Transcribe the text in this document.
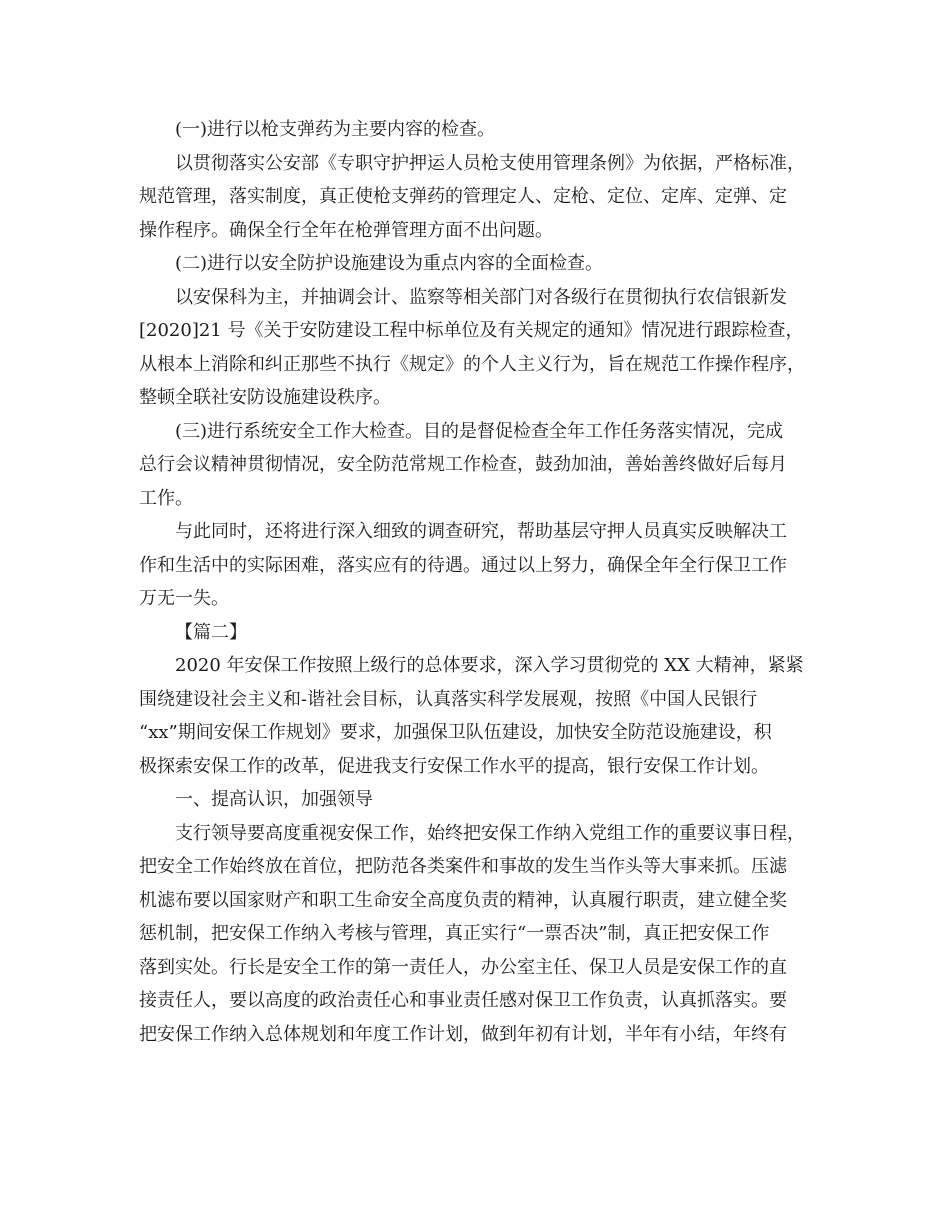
(一)进行以枪支弹药为主要内容的检查。
以贯彻落实公安部《专职守护押运人员枪支使用管理条例》为依据，严格标准，
规范管理，落实制度，真正使枪支弹药的管理定人、定枪、定位、定库、定弹、定
操作程序。确保全行全年在枪弹管理方面不出问题。
(二)进行以安全防护设施建设为重点内容的全面检查。
以安保科为主，并抽调会计、监察等相关部门对各级行在贯彻执行农信银新发
[2020]21 号《关于安防建设工程中标单位及有关规定的通知》情况进行跟踪检查，
从根本上消除和纠正那些不执行《规定》的个人主义行为，旨在规范工作操作程序，
整顿全联社安防设施建设秩序。
(三)进行系统安全工作大检查。目的是督促检查全年工作任务落实情况，完成
总行会议精神贯彻情况，安全防范常规工作检查，鼓劲加油，善始善终做好后每月
工作。
与此同时，还将进行深入细致的调查研究，帮助基层守押人员真实反映解决工
作和生活中的实际困难，落实应有的待遇。通过以上努力，确保全年全行保卫工作
万无一失。
【篇二】
2020 年安保工作按照上级行的总体要求，深入学习贯彻党的 XX 大精神，紧紧
围绕建设社会主义和-谐社会目标，认真落实科学发展观，按照《中国人民银行
“xx”期间安保工作规划》要求，加强保卫队伍建设，加快安全防范设施建设，积
极探索安保工作的改革，促进我支行安保工作水平的提高，银行安保工作计划。
一、提高认识，加强领导
支行领导要高度重视安保工作，始终把安保工作纳入党组工作的重要议事日程，
把安全工作始终放在首位，把防范各类案件和事故的发生当作头等大事来抓。压滤
机滤布要以国家财产和职工生命安全高度负责的精神，认真履行职责，建立健全奖
惩机制，把安保工作纳入考核与管理，真正实行“一票否决”制，真正把安保工作
落到实处。行长是安全工作的第一责任人，办公室主任、保卫人员是安保工作的直
接责任人，要以高度的政治责任心和事业责任感对保卫工作负责，认真抓落实。要
把安保工作纳入总体规划和年度工作计划，做到年初有计划，半年有小结，年终有
